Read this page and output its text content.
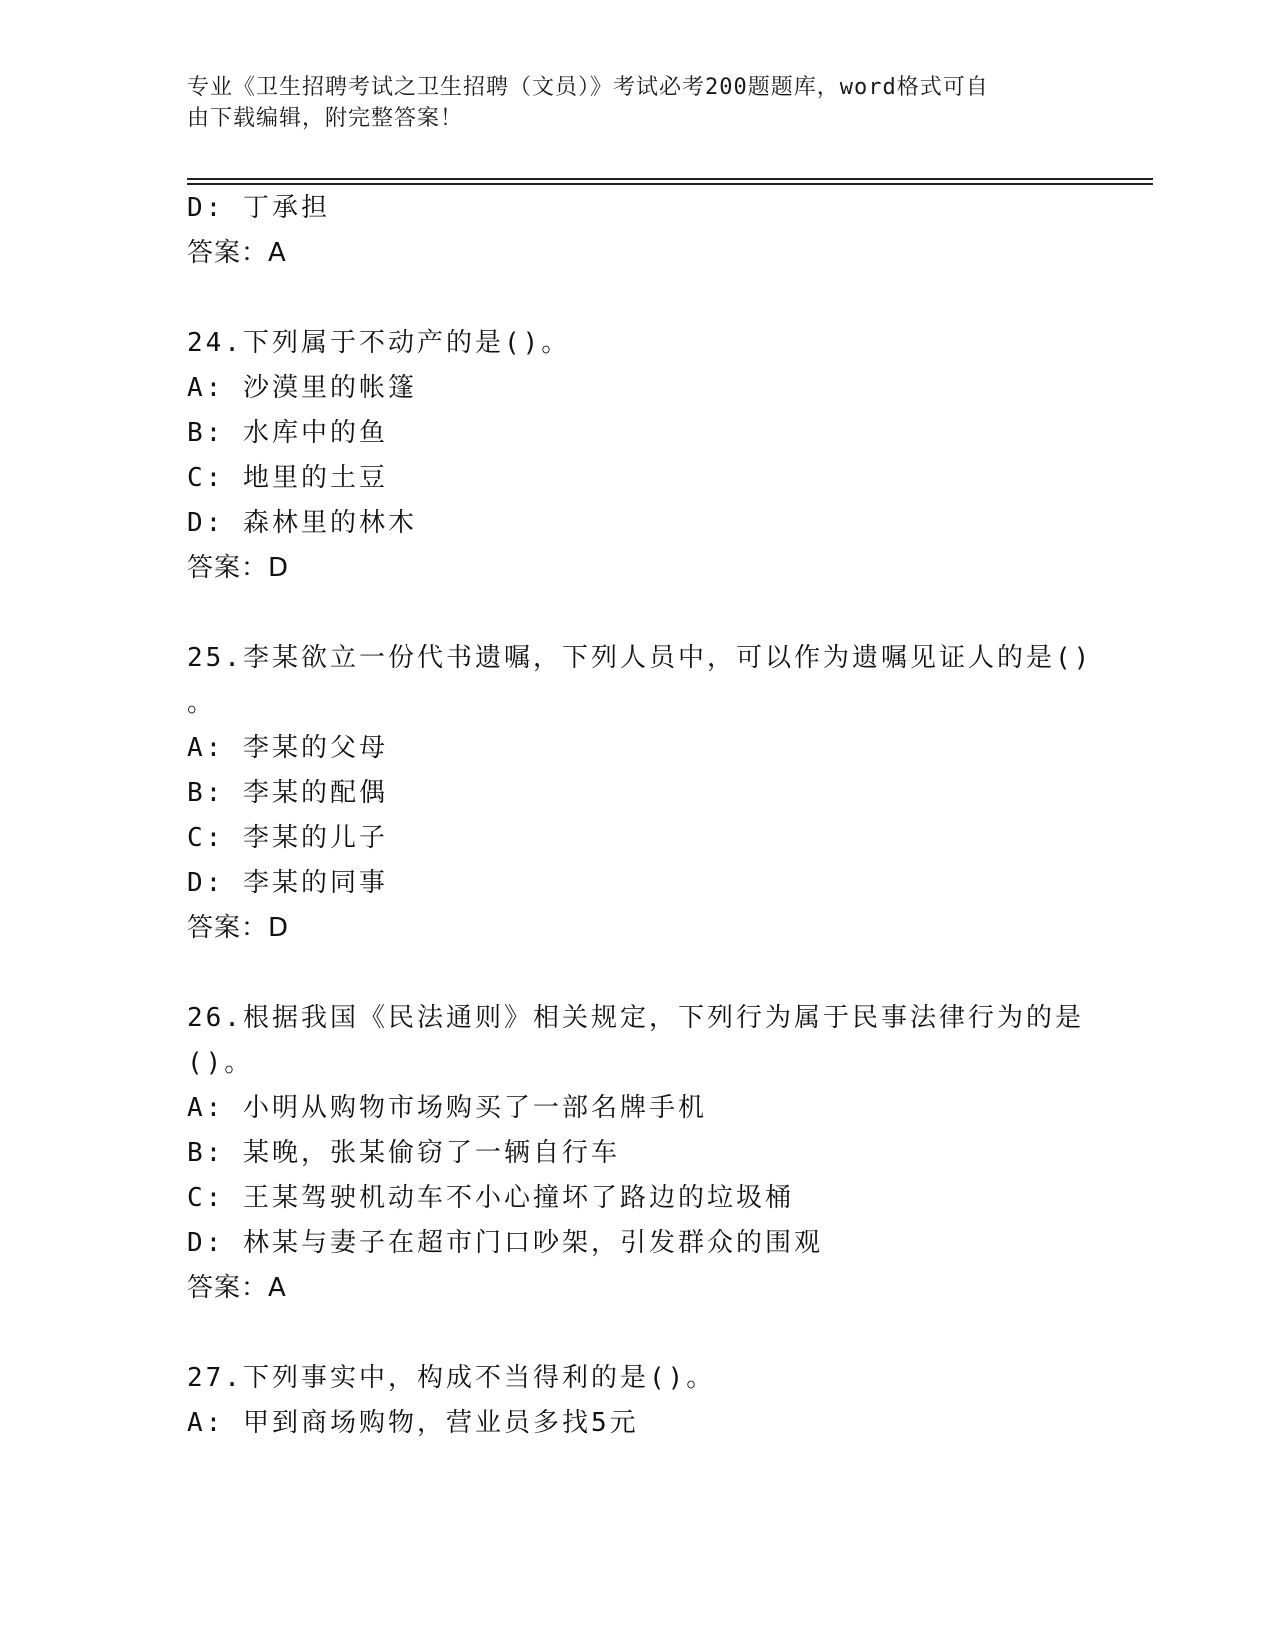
专业《卫生招聘考试之卫生招聘（文员）》考试必考200题题库，word格式可自
由下载编辑，附完整答案！
D: 丁承担
答案：A
24.下列属于不动产的是()。
A: 沙漠里的帐篷
B: 水库中的鱼
C: 地里的土豆
D: 森林里的林木
答案：D
25.李某欲立一份代书遗嘱，下列人员中，可以作为遗嘱见证人的是()
。
A: 李某的父母
B: 李某的配偶
C: 李某的儿子
D: 李某的同事
答案：D
26.根据我国《民法通则》相关规定，下列行为属于民事法律行为的是
()。
A: 小明从购物市场购买了一部名牌手机
B: 某晚，张某偷窃了一辆自行车
C: 王某驾驶机动车不小心撞坏了路边的垃圾桶
D: 林某与妻子在超市门口吵架，引发群众的围观
答案：A
27.下列事实中，构成不当得利的是()。
A: 甲到商场购物，营业员多找5元
